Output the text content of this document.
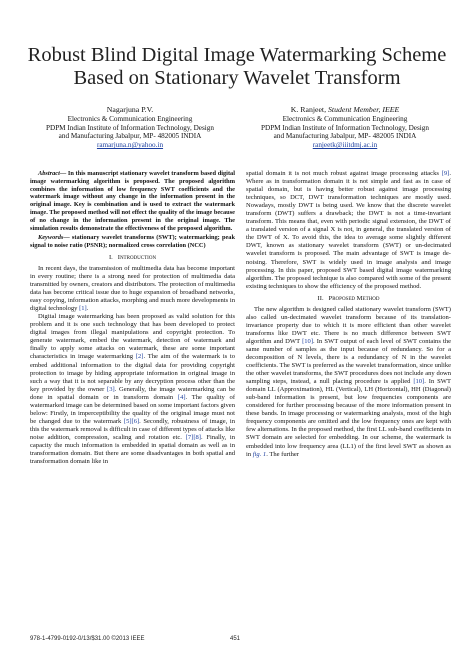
Robust Blind Digital Image Watermarking Scheme
Based on Stationary Wavelet Transform
Nagarjuna P.V.
Electronics & Communication Engineering
PDPM Indian Institute of Information Technology, Design
and Manufacturing Jabalpur, MP- 482005 INDIA
ramarjuna.n@yahoo.in
K. Ranjeet, Student Member, IEEE
Electronics & Communication Engineering
PDPM Indian Institute of Information Technology, Design
and Manufacturing Jabalpur, MP- 482005 INDIA
ranjeetk@iiitdmj.ac.in

Abstract— In this manuscript stationary wavelet transform based digital image watermarking algorithm is proposed. The proposed algorithm combines the information of low frequency SWT coefficients and the watermark image without any change in the information present in the original image. Key is combination and is used to extract the watermark image. The proposed method will not effect the quality of the image because of no change in the information present in the original image. The simulation results demonstrate the effectiveness of the proposed algorithm.

Keywords— stationary wavelet transforms (SWT); watermarking; peak signal to noise ratio (PSNR); normalized cross correlation (NCC)

I. Introduction

In recent days, the transmission of multimedia data has become important in every routine; there is a strong need for protection of multimedia data transmitted by owners, creators and distributors. The protection of multimedia data has become critical issue due to huge expansion of broadband networks, easy copying, information attacks, morphing and much more developments in digital technology [1].

Digital image watermarking has been proposed as valid solution for this problem and it is one such technology that has been developed to protect digital images from illegal manipulations and copyright protection. To generate watermark, embed the watermark, detection of watermark and finally to apply some attacks on watermark, these are some important characteristics in image watermarking [2]. The aim of the watermark is to embed additional information to the digital data for providing copyright protection to image by hiding appropriate information in original image in such a way that it is not separable by any decryption process other than the key provided by the owner [3]. Generally, the image watermarking can be done in spatial domain or in transform domain [4]. The quality of watermarked image can be determined based on some important factors given below: Firstly, in imperceptibility the quality of the original image must not be changed due to the watermark [5][6]. Secondly, robustness of image, in this the watermark removal is difficult in case of different types of attacks like noise addition, compression, scaling and rotation etc. [7][8]. Finally, in capacity the much information is embedded in spatial domain as well as in transformation domain. But there are some disadvantages in both spatial and transformation domain like in

spatial domain it is not much robust against image processing attacks [9]. Where as in transformation domain it is not simple and fast as in case of spatial domain, but is having better robust against image processing techniques, so DCT, DWT transformation techniques are mostly used. Nowadays, mostly DWT is being used. We know that the discrete wavelet transform (DWT) suffers a drawback; the DWT is not a time-invariant transform. This means that, even with periodic signal extension, the DWT of a translated version of a signal X is not, in general, the translated version of the DWT of X. To avoid this, the idea to average some slightly different DWT, known as stationary wavelet transform (SWT) or un-decimated wavelet transform is proposed. The main advantage of SWT is image de-noising. Therefore, SWT is widely used in image analysis and image processing. In this paper, proposed SWT based digital image watermarking algorithm. The proposed technique is also compared with some of the present existing techniques to show the efficiency of the proposed method.

II. Proposed Method

The new algorithm is designed called stationary wavelet transform (SWT) also called un-decimated wavelet transform because of its translation-invariance property due to which it is more efficient than other wavelet transforms like DWT etc. There is no much difference between SWT algorithm and DWT [10]. In SWT output of each level of SWT contains the same number of samples as the input because of redundancy. So for a decomposition of N levels, there is a redundancy of N in the wavelet coefficients. The SWT is preferred as the wavelet transformation, since unlike the other wavelet transforms, the SWT procedures does not include any down sampling steps, instead, a null placing procedure is applied [10]. In SWT domain LL (Approximation), HL (Vertical), LH (Horizontal), HH (Diagonal) sub-band information is present, but low frequencies components are considered for further processing because of the more information present in these bands. In image processing or watermarking analysis, most of the high frequency components are omitted and the low frequency ones are kept with few alternations. In the proposed method, the first LL sub-band coefficients in SWT domain are selected for embedding. In our scheme, the watermark is embedded into low frequency area (LL1) of the first level SWT as shown as in fig. 1. The further

978-1-4799-0192-0/13/$31.00 ©2013 IEEE	451
